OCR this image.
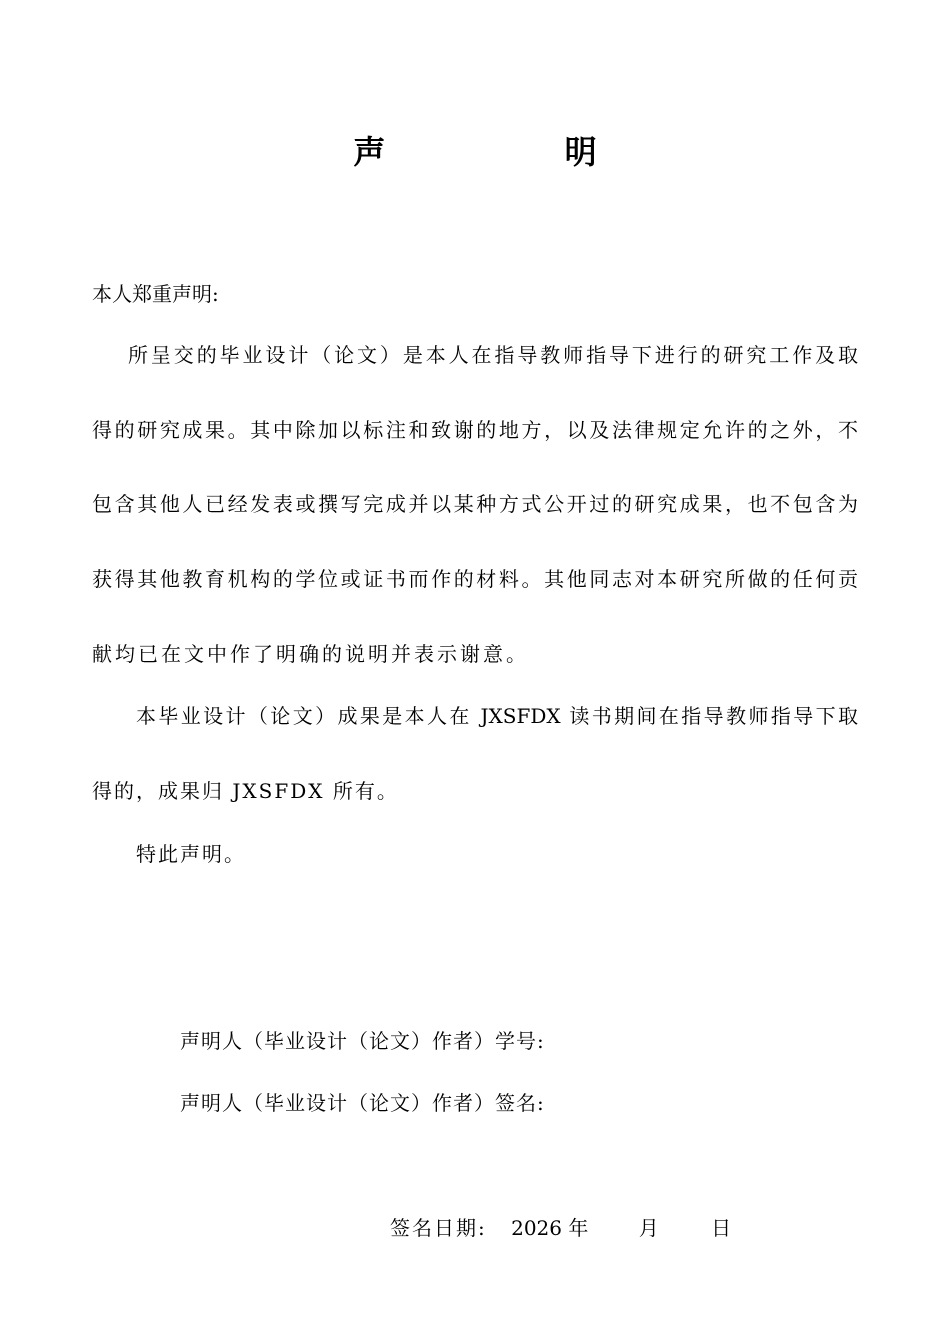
声 明
本人郑重声明:
所呈交的毕业设计（论文）是本人在指导教师指导下进行的研究工作及取
得的研究成果。其中除加以标注和致谢的地方，以及法律规定允许的之外，不
包含其他人已经发表或撰写完成并以某种方式公开过的研究成果，也不包含为
获得其他教育机构的学位或证书而作的材料。其他同志对本研究所做的任何贡
献均已在文中作了明确的说明并表示谢意。
本毕业设计（论文）成果是本人在 JXSFDX 读书期间在指导教师指导下取
得的，成果归 JXSFDX 所有。
特此声明。
声明人（毕业设计（论文）作者）学号:
声明人（毕业设计（论文）作者）签名:
签名日期: 2026 年	月	日
